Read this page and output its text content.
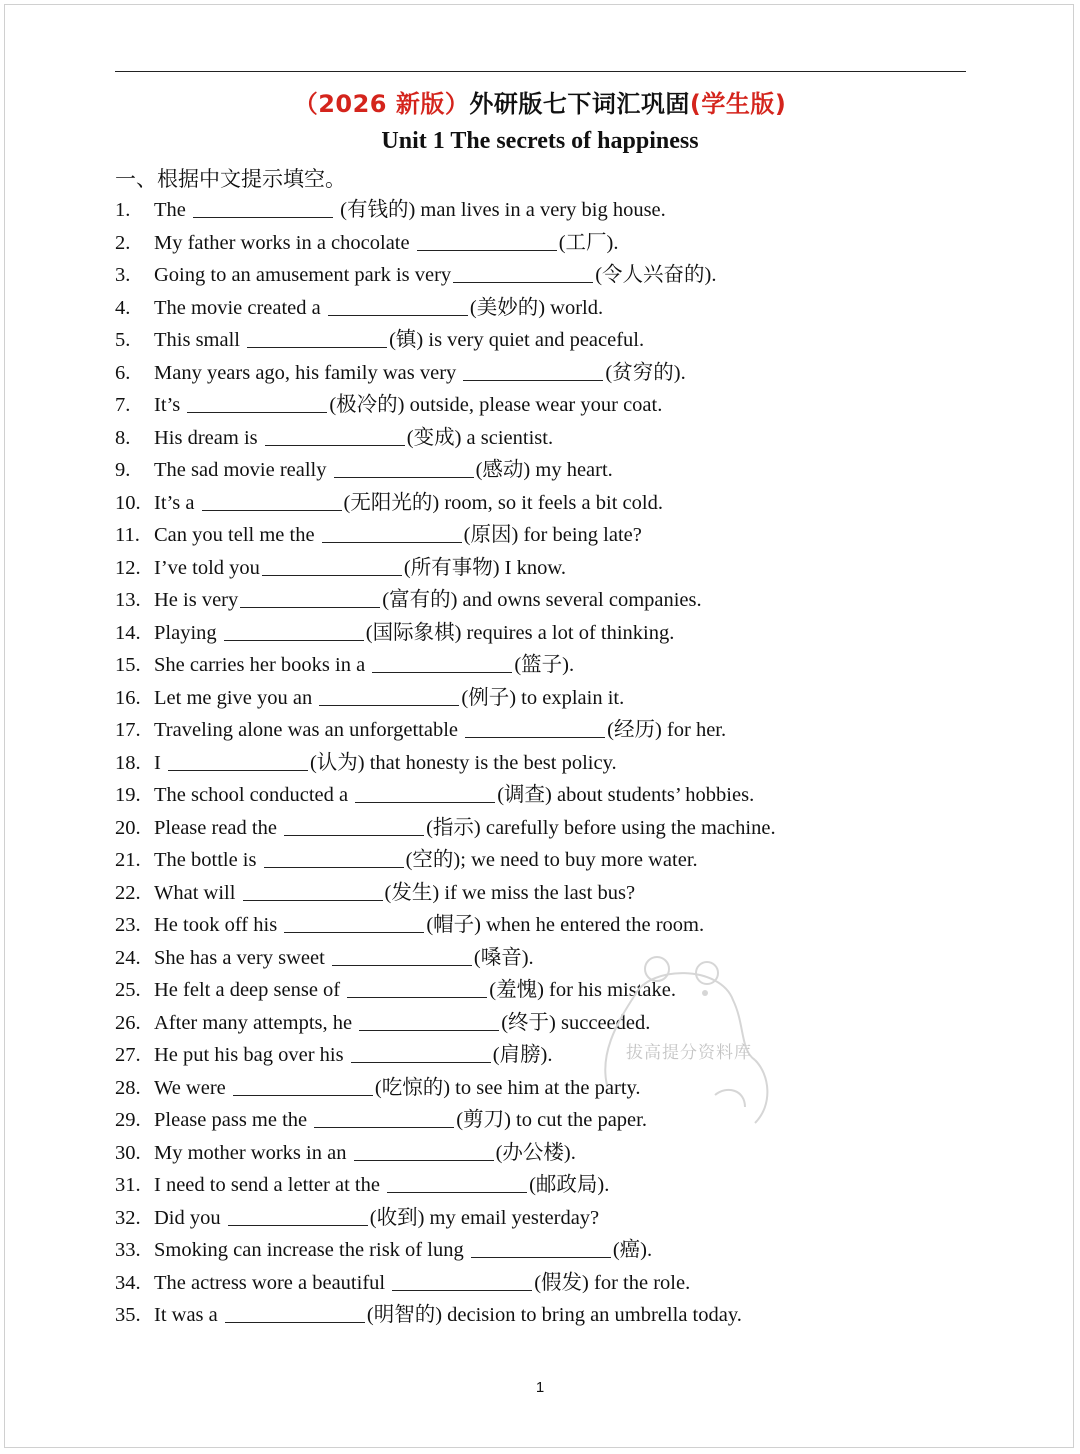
（2026 新版）外研版七下词汇巩固(学生版)
Unit 1 The secrets of happiness
一、根据中文提示填空。
1.	The	(有钱的) man lives in a very big house.
2.	My father works in a chocolate	(工厂).
3.	Going to an amusement park is very	(令人兴奋的).
4.	The movie created a	(美妙的) world.
5.	This small	(镇) is very quiet and peaceful.
6.	Many years ago, his family was very	(贫穷的).
7.	It’s	(极冷的) outside, please wear your coat.
8.	His dream is	(变成) a scientist.
9.	The sad movie really	(感动) my heart.
10. It’s a	(无阳光的) room, so it feels a bit cold.
11. Can you tell me the	(原因) for being late?
12. I’ve told you	(所有事物) I know.
13. He is very	(富有的) and owns several companies.
14. Playing	(国际象棋) requires a lot of thinking.
15. She carries her books in a	(篮子).
16. Let me give you an	(例子) to explain it.
17. Traveling alone was an unforgettable	(经历) for her.
18. I	(认为) that honesty is the best policy.
19. The school conducted a	(调查) about students’ hobbies.
20. Please read the	(指示) carefully before using the machine.
21. The bottle is	(空的); we need to buy more water.
22. What will	(发生) if we miss the last bus?
23. He took off his	(帽子) when he entered the room.
24. She has a very sweet	(嗓音).
25. He felt a deep sense of	(羞愧) for his mistake.
26. After many attempts, he	(终于) succeeded.
27. He put his bag over his	(肩膀).
28. We were	(吃惊的) to see him at the party.
29. Please pass me the	(剪刀) to cut the paper.
30. My mother works in an	(办公楼).
31. I need to send a letter at the	(邮政局).
32. Did you	(收到) my email yesterday?
33. Smoking can increase the risk of lung	(癌).
34. The actress wore a beautiful	(假发) for the role.
35. It was a	(明智的) decision to bring an umbrella today.
拔高提分资料库
1
